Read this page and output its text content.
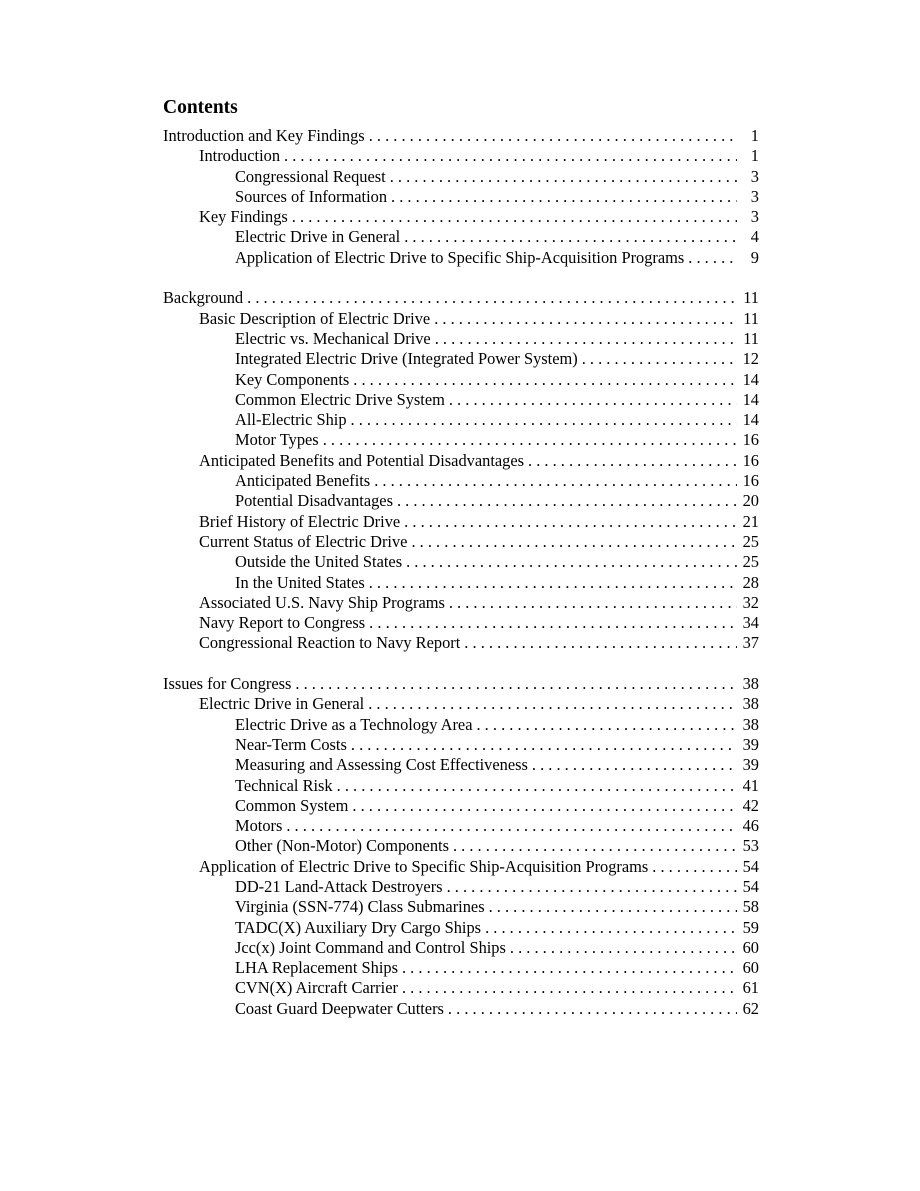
Contents
Introduction and Key Findings . . .	1
Introduction . . .	1
Congressional Request . . .	3
Sources of Information . . .	3
Key Findings . . .	3
Electric Drive in General . . .	4
Application of Electric Drive to Specific Ship-Acquisition Programs . . .	9
Background . . .	11
Basic Description of Electric Drive . . .	11
Electric vs. Mechanical Drive . . .	11
Integrated Electric Drive (Integrated Power System) . . .	12
Key Components . . .	14
Common Electric Drive System . . .	14
All-Electric Ship . . .	14
Motor Types . . .	16
Anticipated Benefits and Potential Disadvantages . . .	16
Anticipated Benefits . . .	16
Potential Disadvantages . . .	20
Brief History of Electric Drive . . .	21
Current Status of Electric Drive . . .	25
Outside the United States . . .	25
In the United States . . .	28
Associated U.S. Navy Ship Programs . . .	32
Navy Report to Congress . . .	34
Congressional Reaction to Navy Report . . .	37
Issues for Congress . . .	38
Electric Drive in General . . .	38
Electric Drive as a Technology Area . . .	38
Near-Term Costs . . .	39
Measuring and Assessing Cost Effectiveness . . .	39
Technical Risk . . .	41
Common System . . .	42
Motors . . .	46
Other (Non-Motor) Components . . .	53
Application of Electric Drive to Specific Ship-Acquisition Programs . . .	54
DD-21 Land-Attack Destroyers . . .	54
Virginia (SSN-774) Class Submarines . . .	58
TADC(X) Auxiliary Dry Cargo Ships . . .	59
Jcc(x) Joint Command and Control Ships . . .	60
LHA Replacement Ships . . .	60
CVN(X) Aircraft Carrier . . .	61
Coast Guard Deepwater Cutters . . .	62
